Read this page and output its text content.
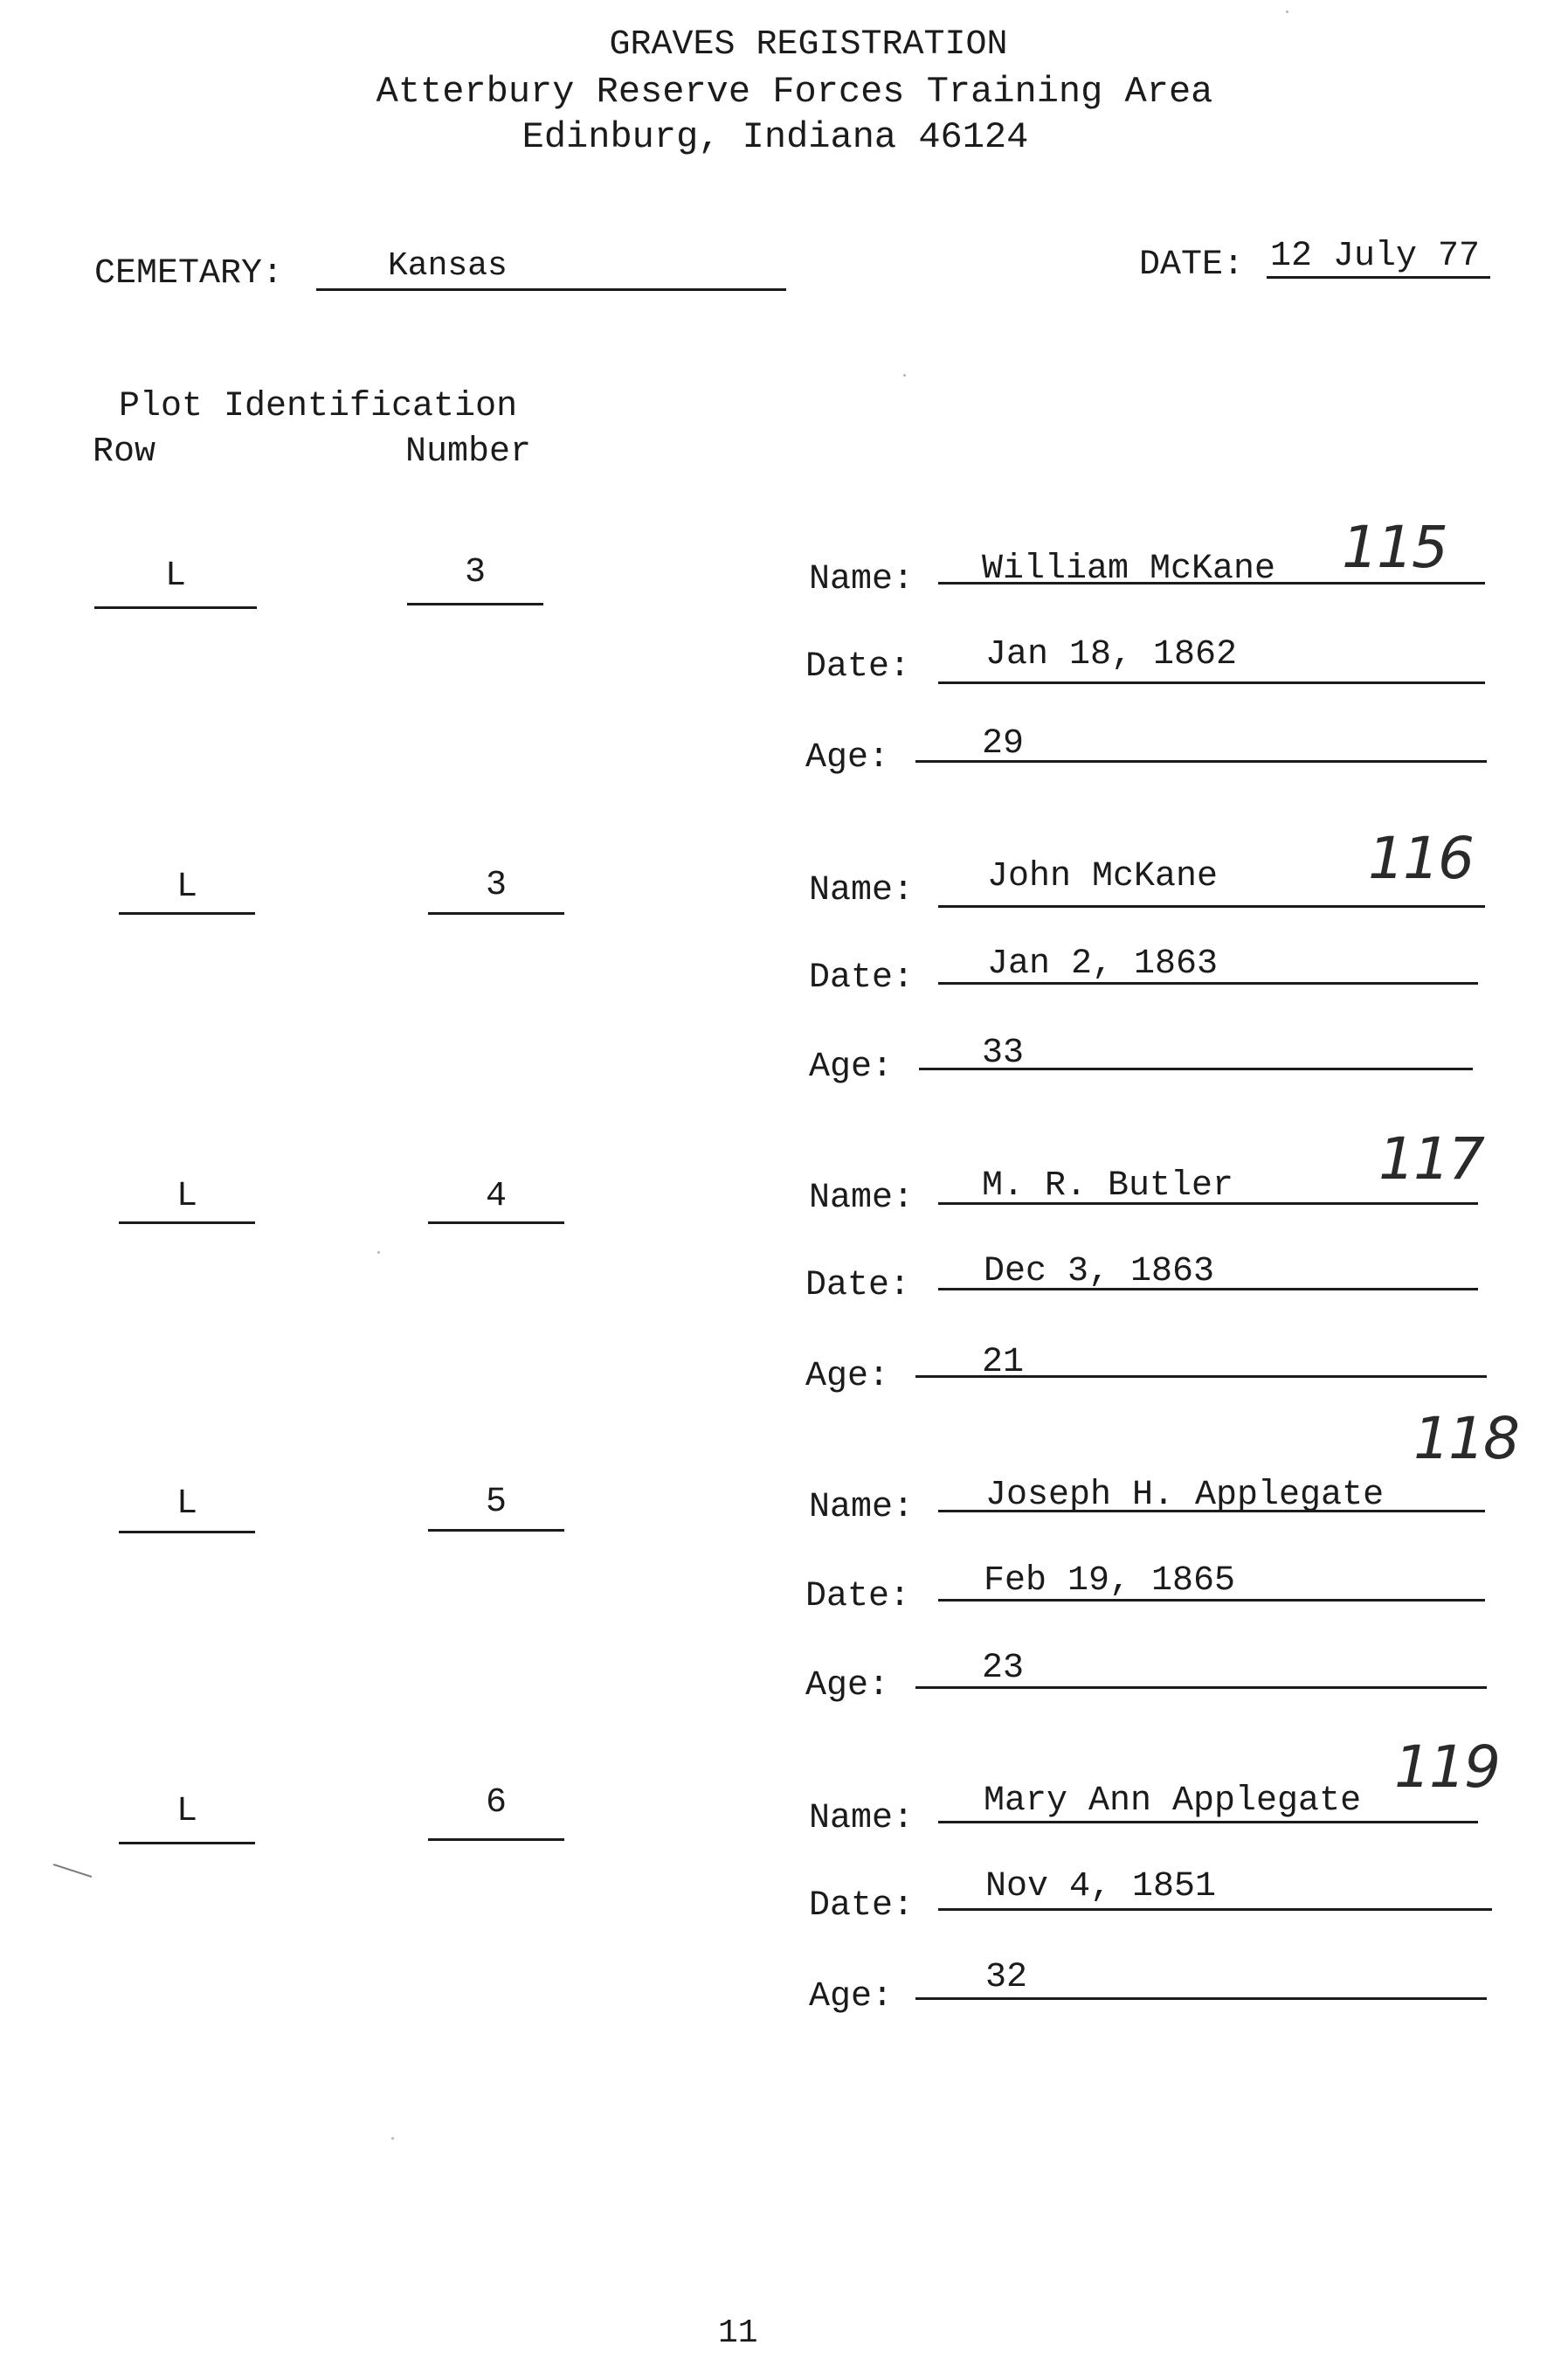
GRAVES REGISTRATION
Atterbury Reserve Forces Training Area
Edinburg, Indiana 46124
CEMETARY:	Kansas	DATE: 12 July 77
Plot Identification
Row	Number
L	3	Name: William McKane 115
Date: Jan 18, 1862
Age:	29
L	3	Name: John McKane	116
Date: Jan 2, 1863
Age:	33
L	4	Name: M. R. Butler	117
Date: Dec 3, 1863
Age:	21
L	5	Name: Joseph H. Applegate
118
Date: Feb 19, 1865
Age:	23
L	6	Name: Mary Ann Applegate
119
Date: Nov 4, 1851
Age:	32
11
